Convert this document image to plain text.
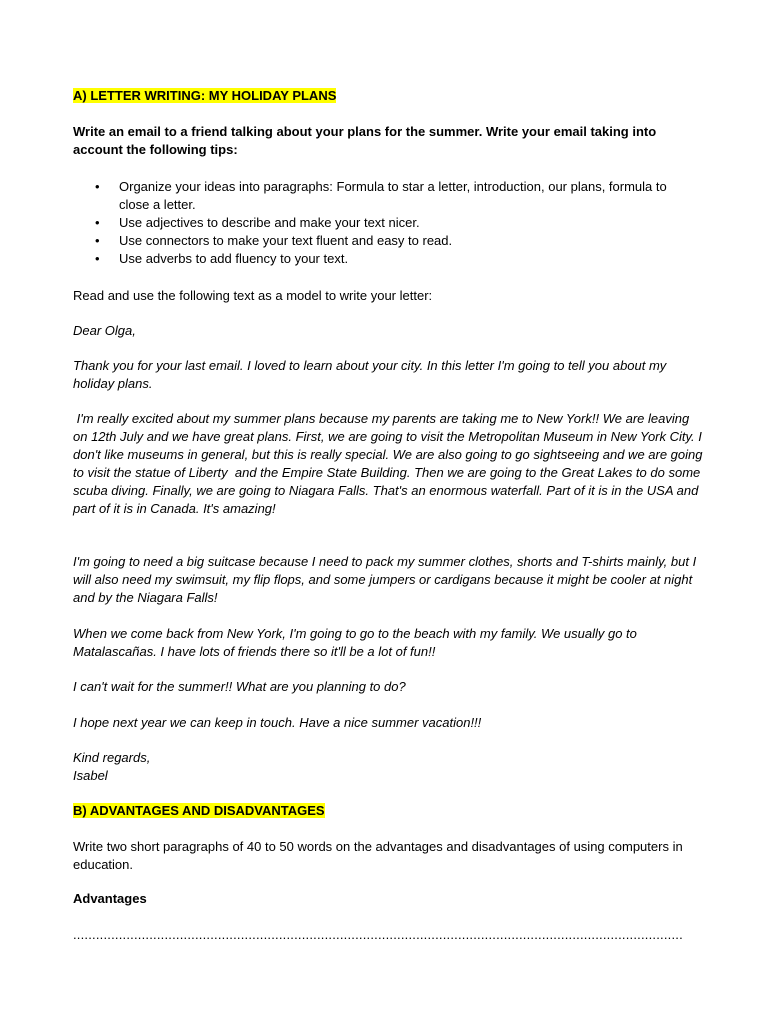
A) LETTER WRITING: MY HOLIDAY PLANS
Write an email to a friend talking about your plans for the summer. Write your email taking into account the following tips:
• Organize your ideas into paragraphs: Formula to star a letter, introduction, our plans, formula to close a letter.
• Use adjectives to describe and make your text nicer.
• Use connectors to make your text fluent and easy to read.
• Use adverbs to add fluency to your text.
Read and use the following text as a model to write your letter:
Dear Olga,
Thank you for your last email. I loved to learn about your city. In this letter I'm going to tell you about my holiday plans.
I'm really excited about my summer plans because my parents are taking me to New York!! We are leaving on 12th July and we have great plans. First, we are going to visit the Metropolitan Museum in New York City. I don't like museums in general, but this is really special. We are also going to go sightseeing and we are going to visit the statue of Liberty  and the Empire State Building. Then we are going to the Great Lakes to do some scuba diving. Finally, we are going to Niagara Falls. That's an enormous waterfall. Part of it is in the USA and part of it is in Canada. It's amazing!
I'm going to need a big suitcase because I need to pack my summer clothes, shorts and T-shirts mainly, but I will also need my swimsuit, my flip flops, and some jumpers or cardigans because it might be cooler at night and by the Niagara Falls!
When we come back from New York, I'm going to go to the beach with my family. We usually go to Matalascañas. I have lots of friends there so it'll be a lot of fun!!
I can't wait for the summer!! What are you planning to do?
I hope next year we can keep in touch. Have a nice summer vacation!!!
Kind regards,
Isabel
B) ADVANTAGES AND DISADVANTAGES
Write two short paragraphs of 40 to 50 words on the advantages and disadvantages of using computers in education.
Advantages
................................................................................................................................................................
